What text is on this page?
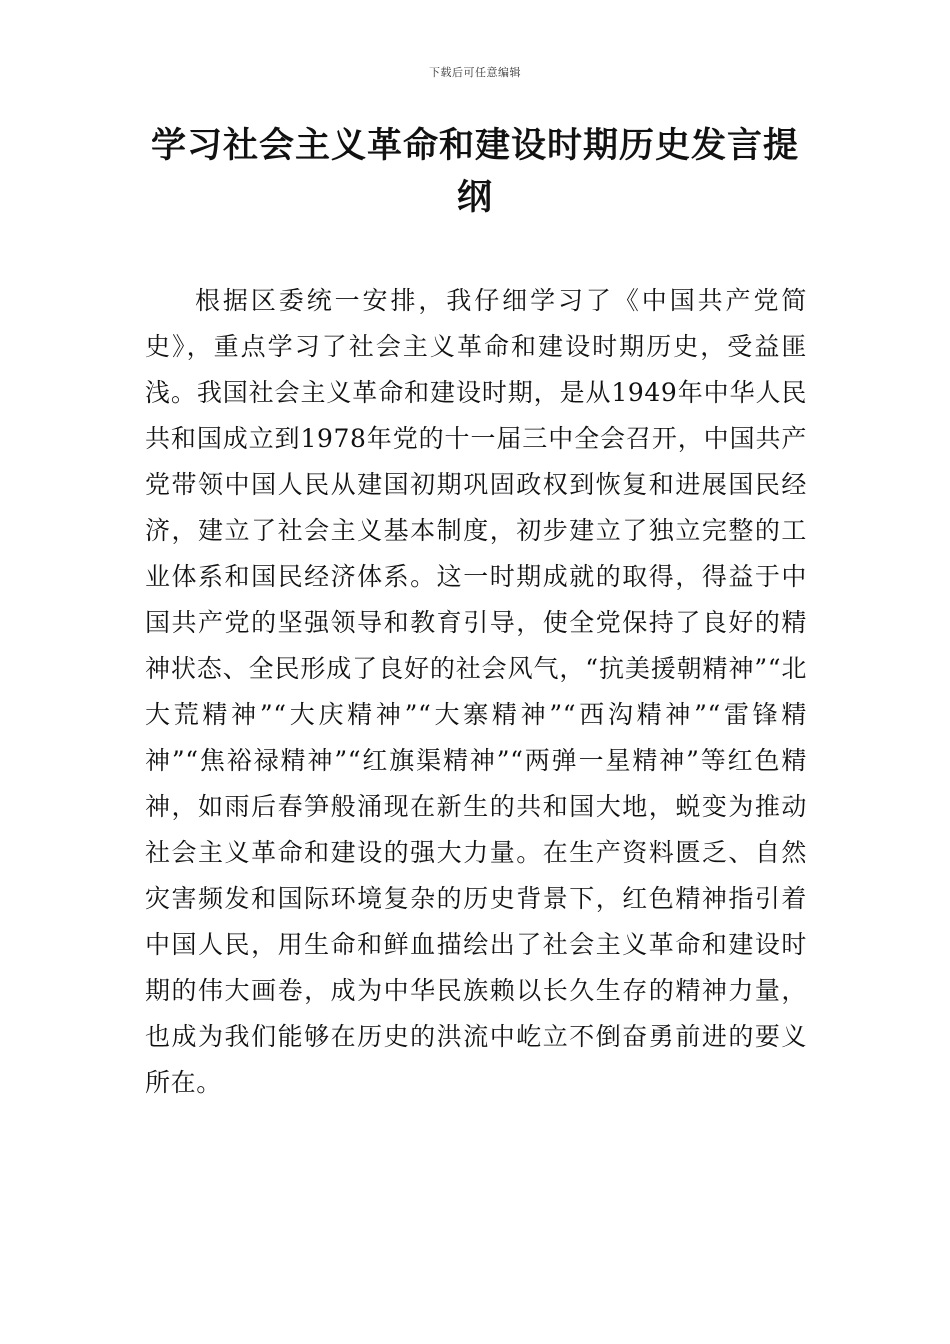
下载后可任意编辑
学习社会主义革命和建设时期历史发言提纲

根据区委统一安排，我仔细学习了《中国共产党简史》，重点学习了社会主义革命和建设时期历史，受益匪浅。我国社会主义革命和建设时期，是从1949年中华人民共和国成立到1978年党的十一届三中全会召开，中国共产党带领中国人民从建国初期巩固政权到恢复和进展国民经济，建立了社会主义基本制度，初步建立了独立完整的工业体系和国民经济体系。这一时期成就的取得，得益于中国共产党的坚强领导和教育引导，使全党保持了良好的精神状态、全民形成了良好的社会风气，“抗美援朝精神”“北大荒精神”“大庆精神”“大寨精神”“西沟精神”“雷锋精神”“焦裕禄精神”“红旗渠精神”“两弹一星精神”等红色精神，如雨后春笋般涌现在新生的共和国大地，蜕变为推动社会主义革命和建设的强大力量。在生产资料匮乏、自然灾害频发和国际环境复杂的历史背景下，红色精神指引着中国人民，用生命和鲜血描绘出了社会主义革命和建设时期的伟大画卷，成为中华民族赖以长久生存的精神力量，也成为我们能够在历史的洪流中屹立不倒奋勇前进的要义所在。
